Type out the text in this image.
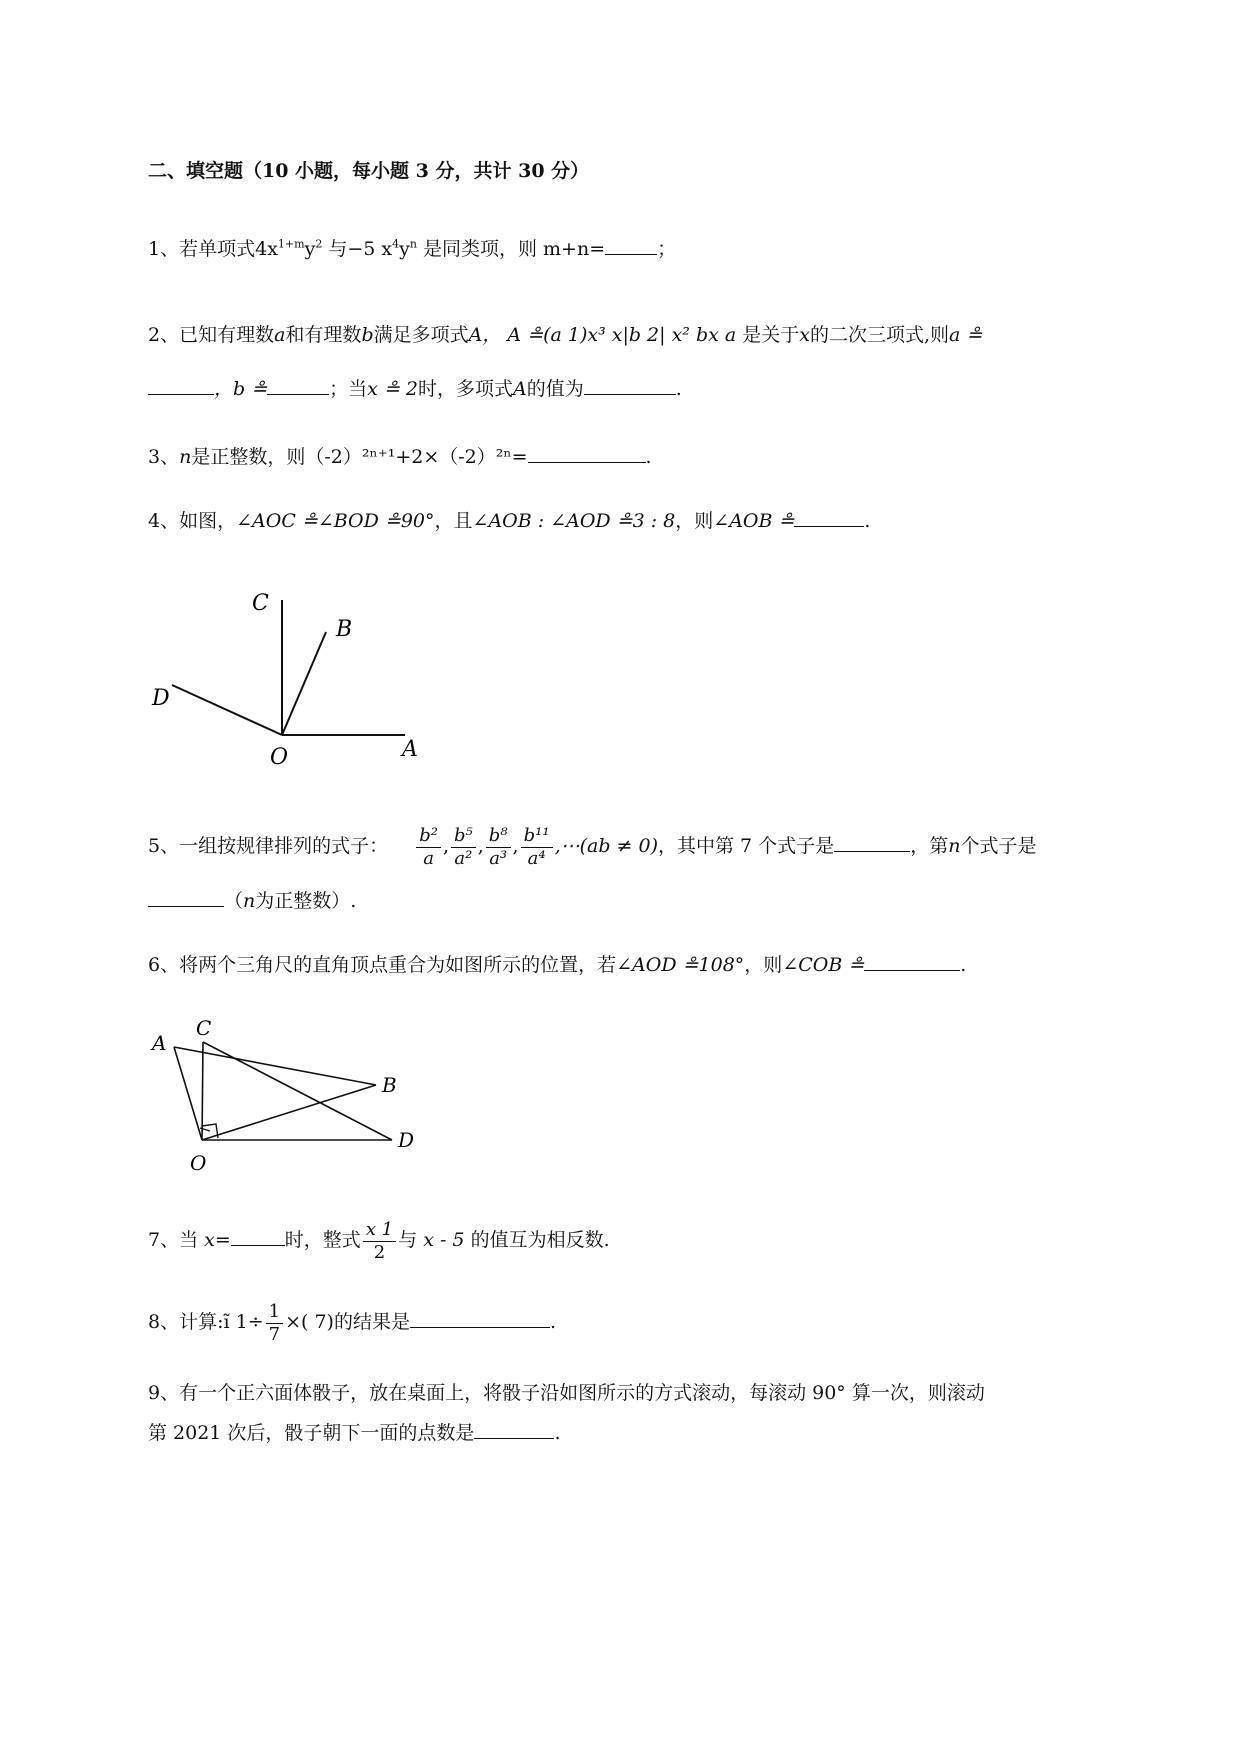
二、填空题（10 小题，每小题 3 分，共计 30 分）
1、若单项式$4x^{1+m}y^2$ 与−5 $x^4y^n$ 是同类项，则 m+n=	；
2、已知有理数a和有理数b满足多项式A， A ≗(a 1)x³ x|b 2| x² bx a 是关于x的二次三项式,则a ≗
，b ≗	；当x ≗ 2时，多项式A的值为	.
3、n是正整数，则（-2）²ⁿ⁺¹+2×（-2）²ⁿ=	.
4、如图，∠AOC ≗∠BOD ≗90°，且∠AOB : ∠AOD ≗3 : 8，则∠AOB ≗	.
C
B
D
O	A
5、一组按规律排列的式子： $\frac{\text{b²}}{a}$ , $\frac{\text{b⁵}}{\text{a²}}$ , $\frac{\text{b⁸}}{\text{a³}}$ , $\frac{\text{b¹¹}}{\text{a⁴}}$ ,⋯(ab ≠ 0)，其中第 7 个式子是	，第n个式子是
（n为正整数）.
6、将两个三角尺的直角顶点重合为如图所示的位置，若∠AOD ≗108°，则∠COB ≗	.
A
C
B
D
O
7、当 x=	时，整式 $\frac{x 1}{2}$ 与 x - 5 的值互为相反数.
8、计算:ĩ $1\div \frac{1}{7}$ ×( 7)的结果是	.
9、有一个正六面体骰子，放在桌面上，将骰子沿如图所示的方式滚动，每滚动 90° 算一次，则滚动
第 2021 次后，骰子朝下一面的点数是	.
